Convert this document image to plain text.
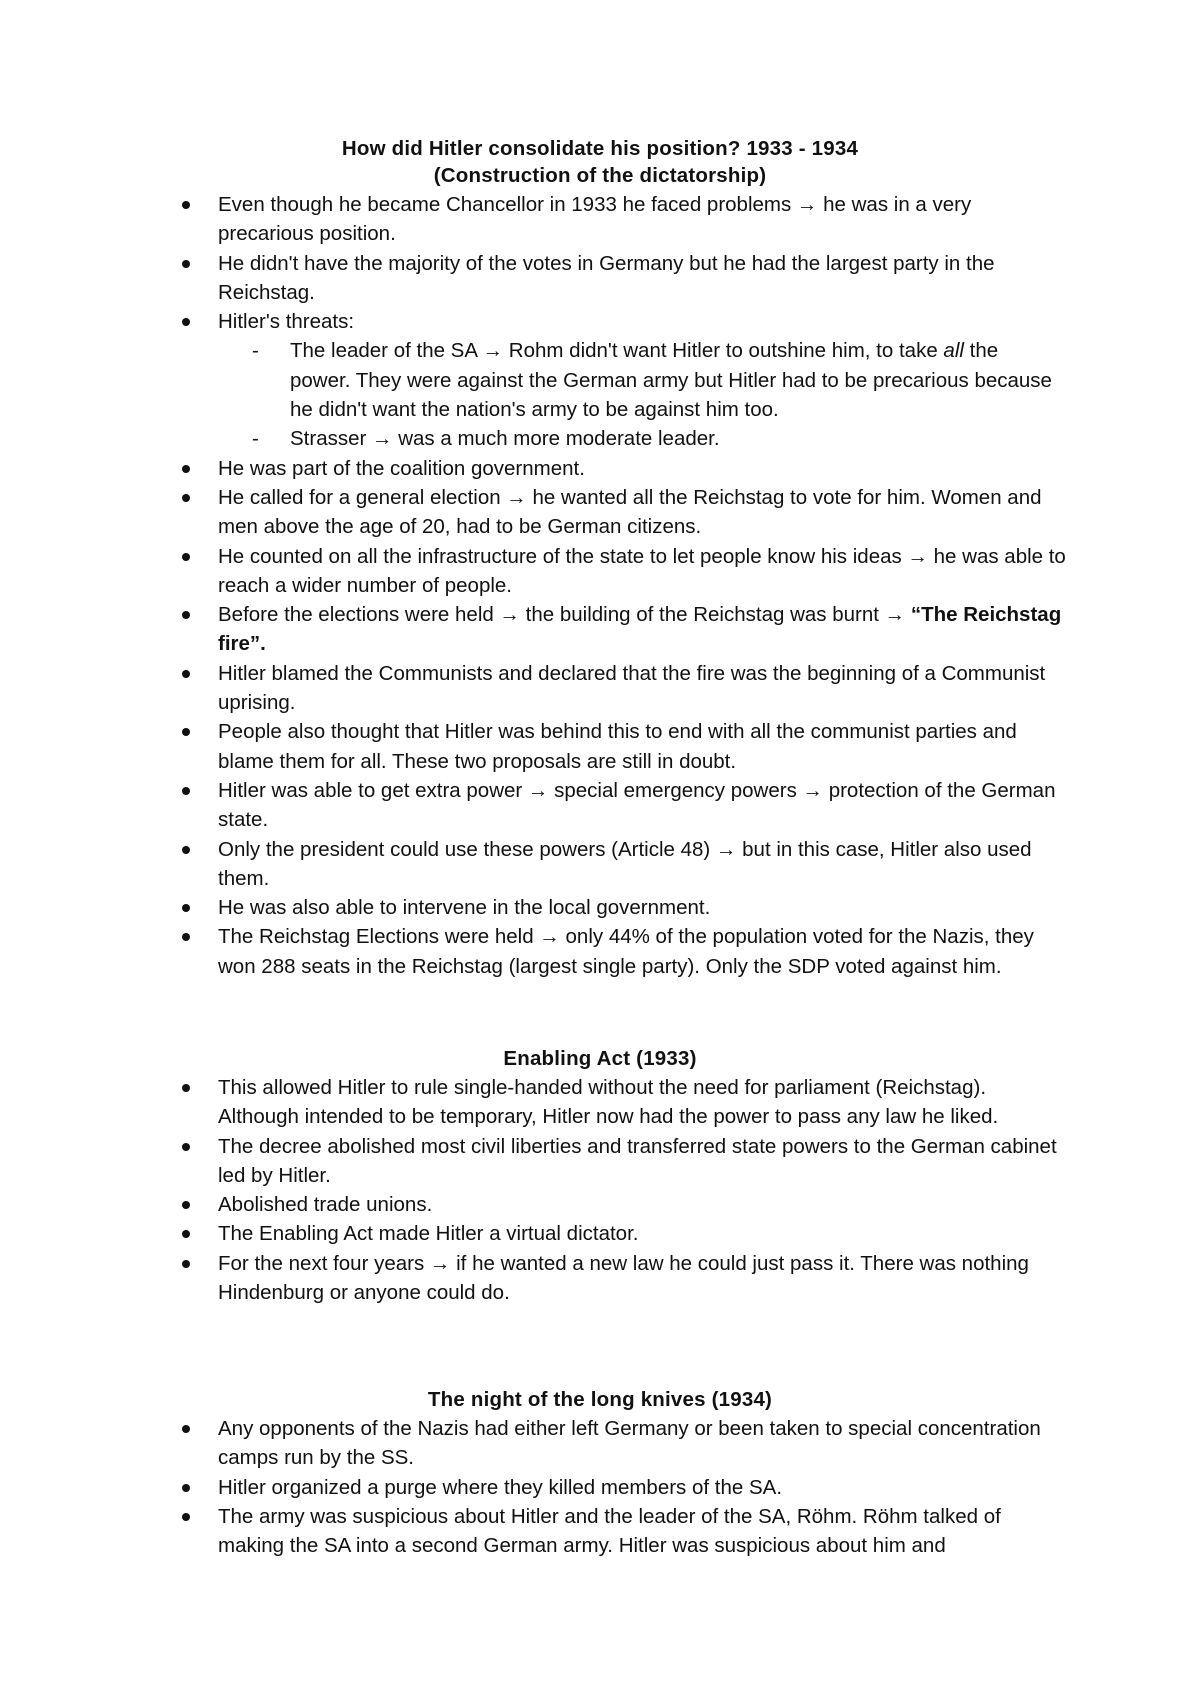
How did Hitler consolidate his position? 1933 - 1934
(Construction of the dictatorship)
Even though he became Chancellor in 1933 he faced problems → he was in a very precarious position.
He didn't have the majority of the votes in Germany but he had the largest party in the Reichstag.
Hitler's threats:
- The leader of the SA → Rohm didn't want Hitler to outshine him, to take all the power. They were against the German army but Hitler had to be precarious because he didn't want the nation's army to be against him too.
- Strasser → was a much more moderate leader.
He was part of the coalition government.
He called for a general election → he wanted all the Reichstag to vote for him. Women and men above the age of 20, had to be German citizens.
He counted on all the infrastructure of the state to let people know his ideas → he was able to reach a wider number of people.
Before the elections were held → the building of the Reichstag was burnt → “The Reichstag fire”.
Hitler blamed the Communists and declared that the fire was the beginning of a Communist uprising.
People also thought that Hitler was behind this to end with all the communist parties and blame them for all. These two proposals are still in doubt.
Hitler was able to get extra power → special emergency powers → protection of the German state.
Only the president could use these powers (Article 48) → but in this case, Hitler also used them.
He was also able to intervene in the local government.
The Reichstag Elections were held → only 44% of the population voted for the Nazis, they won 288 seats in the Reichstag (largest single party). Only the SDP voted against him.
Enabling Act (1933)
This allowed Hitler to rule single-handed without the need for parliament (Reichstag). Although intended to be temporary, Hitler now had the power to pass any law he liked.
The decree abolished most civil liberties and transferred state powers to the German cabinet led by Hitler.
Abolished trade unions.
The Enabling Act made Hitler a virtual dictator.
For the next four years → if he wanted a new law he could just pass it. There was nothing Hindenburg or anyone could do.
The night of the long knives (1934)
Any opponents of the Nazis had either left Germany or been taken to special concentration camps run by the SS.
Hitler organized a purge where they killed members of the SA.
The army was suspicious about Hitler and the leader of the SA, Röhm. Röhm talked of making the SA into a second German army. Hitler was suspicious about him and
